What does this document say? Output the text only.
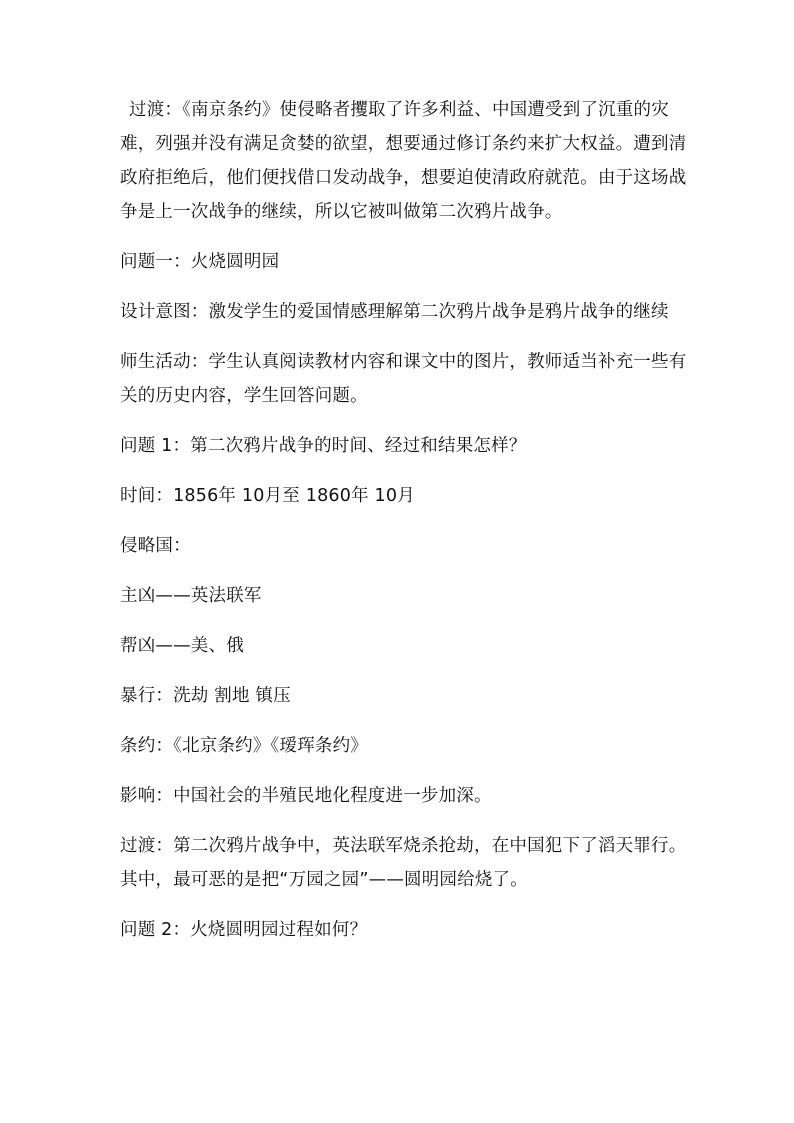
过渡：《南京条约》使侵略者攫取了许多利益、中国遭受到了沉重的灾难，列强并没有满足贪婪的欲望，想要通过修订条约来扩大权益。遭到清政府拒绝后，他们便找借口发动战争，想要迫使清政府就范。由于这场战争是上一次战争的继续，所以它被叫做第二次鸦片战争。

问题一：火烧圆明园

设计意图：激发学生的爱国情感理解第二次鸦片战争是鸦片战争的继续

师生活动：学生认真阅读教材内容和课文中的图片，教师适当补充一些有关的历史内容，学生回答问题。

问题 1：第二次鸦片战争的时间、经过和结果怎样？

时间：1856年 10月至 1860年 10月

侵略国：

主凶——英法联军

帮凶——美、俄

暴行：洗劫 割地 镇压

条约：《北京条约》《瑷珲条约》

影响：中国社会的半殖民地化程度进一步加深。

过渡：第二次鸦片战争中，英法联军烧杀抢劫，在中国犯下了滔天罪行。其中，最可恶的是把“万园之园”——圆明园给烧了。

问题 2：火烧圆明园过程如何？
